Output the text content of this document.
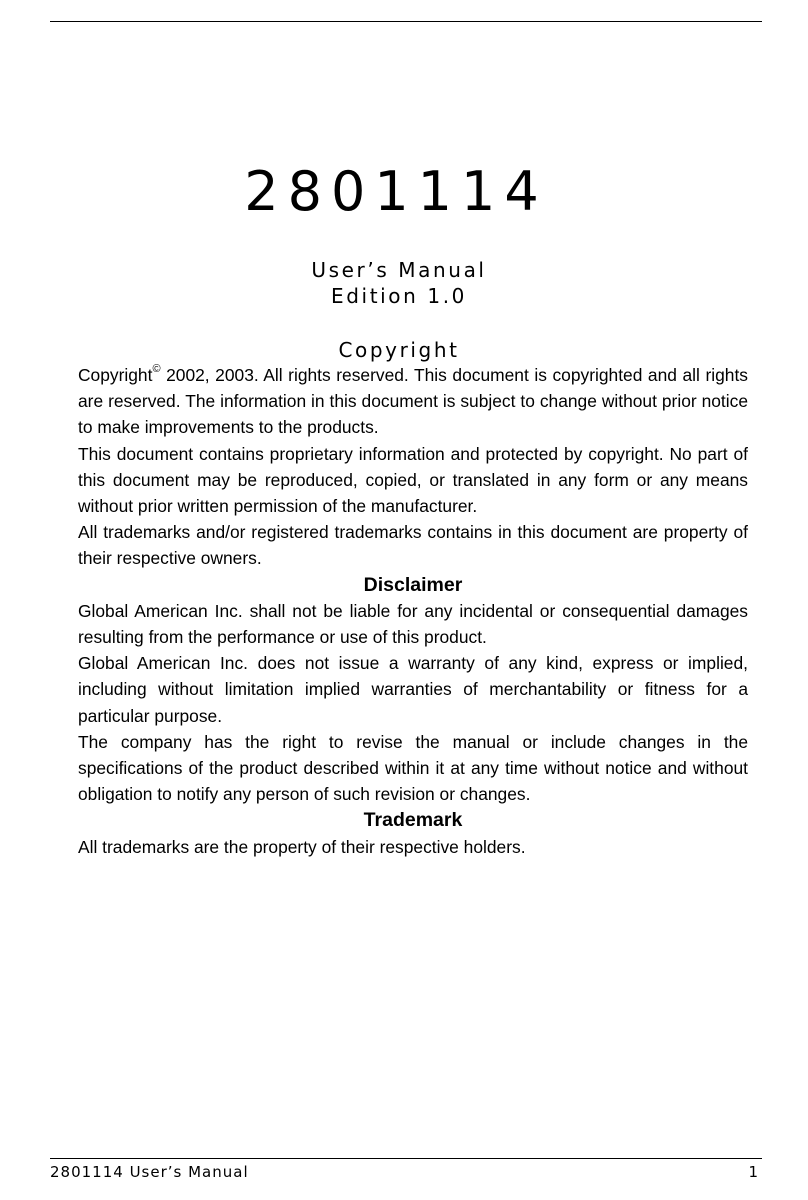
2801114
User’s Manual
Edition 1.0
Copyright

Copyright© 2002, 2003. All rights reserved. This document is copyrighted and all rights are reserved. The information in this document is subject to change without prior notice to make improvements to the products.

This document contains proprietary information and protected by copyright. No part of this document may be reproduced, copied, or translated in any form or any means without prior written permission of the manufacturer.

All trademarks and/or registered trademarks contains in this document are property of their respective owners.

Disclaimer

Global American Inc. shall not be liable for any incidental or consequential damages resulting from the performance or use of this product.

Global American Inc. does not issue a warranty of any kind, express or implied, including without limitation implied warranties of merchantability or fitness for a particular purpose.

The company has the right to revise the manual or include changes in the specifications of the product described within it at any time without notice and without obligation to notify any person of such revision or changes.

Trademark

All trademarks are the property of their respective holders.

2801114 User’s Manual	1
